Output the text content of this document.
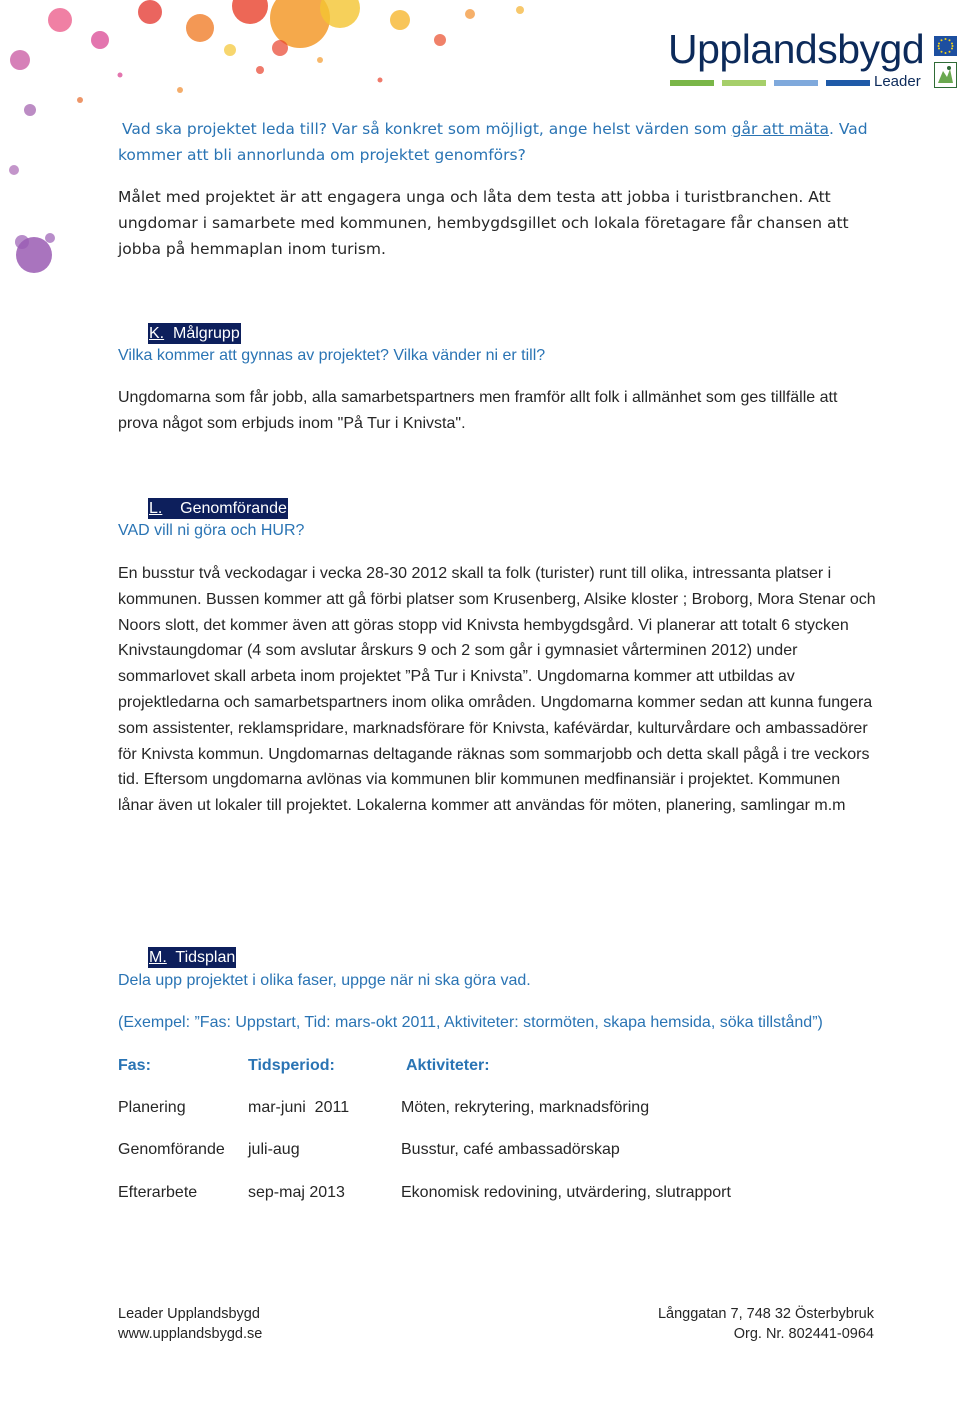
Upplandsbygd
Leader

Vad ska projektet leda till? Var så konkret som möjligt, ange helst värden som går att mäta. Vad kommer att bli annorlunda om projektet genomförs?

Målet med projektet är att engagera unga och låta dem testa att jobba i turistbranchen. Att ungdomar i samarbete med kommunen, hembygdsgillet och lokala företagare får chansen att jobba på hemmaplan inom turism.

K. Målgrupp
Vilka kommer att gynnas av projektet? Vilka vänder ni er till?

Ungdomarna som får jobb, alla samarbetspartners men framför allt folk i allmänhet som ges tillfälle att prova något som erbjuds inom "På Tur i Knivsta".

L. Genomförande
VAD vill ni göra och HUR?

En busstur två veckodagar i vecka 28-30 2012 skall ta folk (turister) runt till olika, intressanta platser i kommunen. Bussen kommer att gå förbi platser som Krusenberg, Alsike kloster ; Broborg, Mora Stenar och Noors slott, det kommer även att göras stopp vid Knivsta hembygdsgård. Vi planerar att totalt 6 stycken Knivstaungdomar (4 som avslutar årskurs 9 och 2 som går i gymnasiet vårterminen 2012) under sommarlovet skall arbeta inom projektet ”På Tur i Knivsta”. Ungdomarna kommer att utbildas av projektledarna och samarbetspartners inom olika områden. Ungdomarna kommer sedan att kunna fungera som assistenter, reklamspridare, marknadsförare för Knivsta, kafévärdar, kulturvårdare och ambassadörer för Knivsta kommun. Ungdomarnas deltagande räknas som sommarjobb och detta skall pågå i tre veckors tid. Eftersom ungdomarna avlönas via kommunen blir kommunen medfinansiär i projektet. Kommunen lånar även ut lokaler till projektet. Lokalerna kommer att användas för möten, planering, samlingar m.m

M. Tidsplan
Dela upp projektet i olika faser, uppge när ni ska göra vad.
(Exempel: ”Fas: Uppstart, Tid: mars-okt 2011, Aktiviteter: stormöten, skapa hemsida, söka tillstånd”)
Fas:	Tidsperiod:	Aktiviteter:
Planering	mar-juni  2011	Möten, rekrytering, marknadsföring
Genomförande juli-aug	Busstur, café ambassadörskap
Efterarbete	sep-maj 2013	Ekonomisk redovining, utvärdering, slutrapport
Leader Upplandsbygd
www.upplandsbygd.se
Långgatan 7, 748 32 Österbybruk
Org. Nr. 802441-0964
